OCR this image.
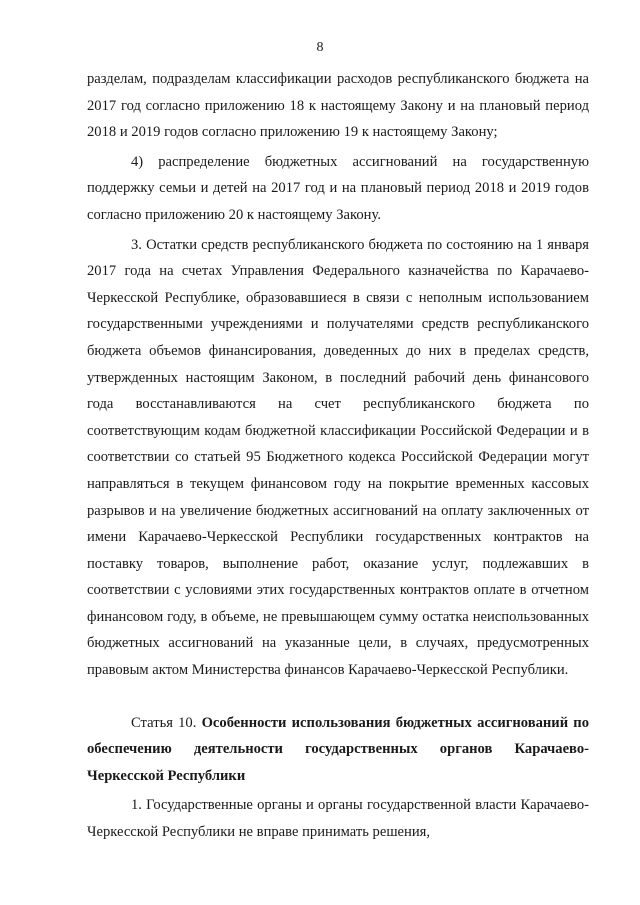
8

разделам, подразделам классификации расходов республиканского бюджета на 2017 год согласно приложению 18 к настоящему Закону и на плановый период 2018 и 2019 годов согласно приложению 19 к настоящему Закону;

4) распределение бюджетных ассигнований на государственную поддержку семьи и детей на 2017 год и на плановый период 2018 и 2019 годов согласно приложению 20 к настоящему Закону.

3. Остатки средств республиканского бюджета по состоянию на 1 января 2017 года на счетах Управления Федерального казначейства по Карачаево-Черкесской Республике, образовавшиеся в связи с неполным использованием государственными учреждениями и получателями средств республиканского бюджета объемов финансирования, доведенных до них в пределах средств, утвержденных настоящим Законом, в последний рабочий день финансового года восстанавливаются на счет республиканского бюджета по соответствующим кодам бюджетной классификации Российской Федерации и в соответствии со статьей 95 Бюджетного кодекса Российской Федерации могут направляться в текущем финансовом году на покрытие временных кассовых разрывов и на увеличение бюджетных ассигнований на оплату заключенных от имени Карачаево-Черкесской Республики государственных контрактов на поставку товаров, выполнение работ, оказание услуг, подлежавших в соответствии с условиями этих государственных контрактов оплате в отчетном финансовом году, в объеме, не превышающем сумму остатка неиспользованных бюджетных ассигнований на указанные цели, в случаях, предусмотренных правовым актом Министерства финансов Карачаево-Черкесской Республики.

Статья 10. Особенности использования бюджетных ассигнований по обеспечению деятельности государственных органов Карачаево-Черкесской Республики

1. Государственные органы и органы государственной власти Карачаево-Черкесской Республики не вправе принимать решения,
